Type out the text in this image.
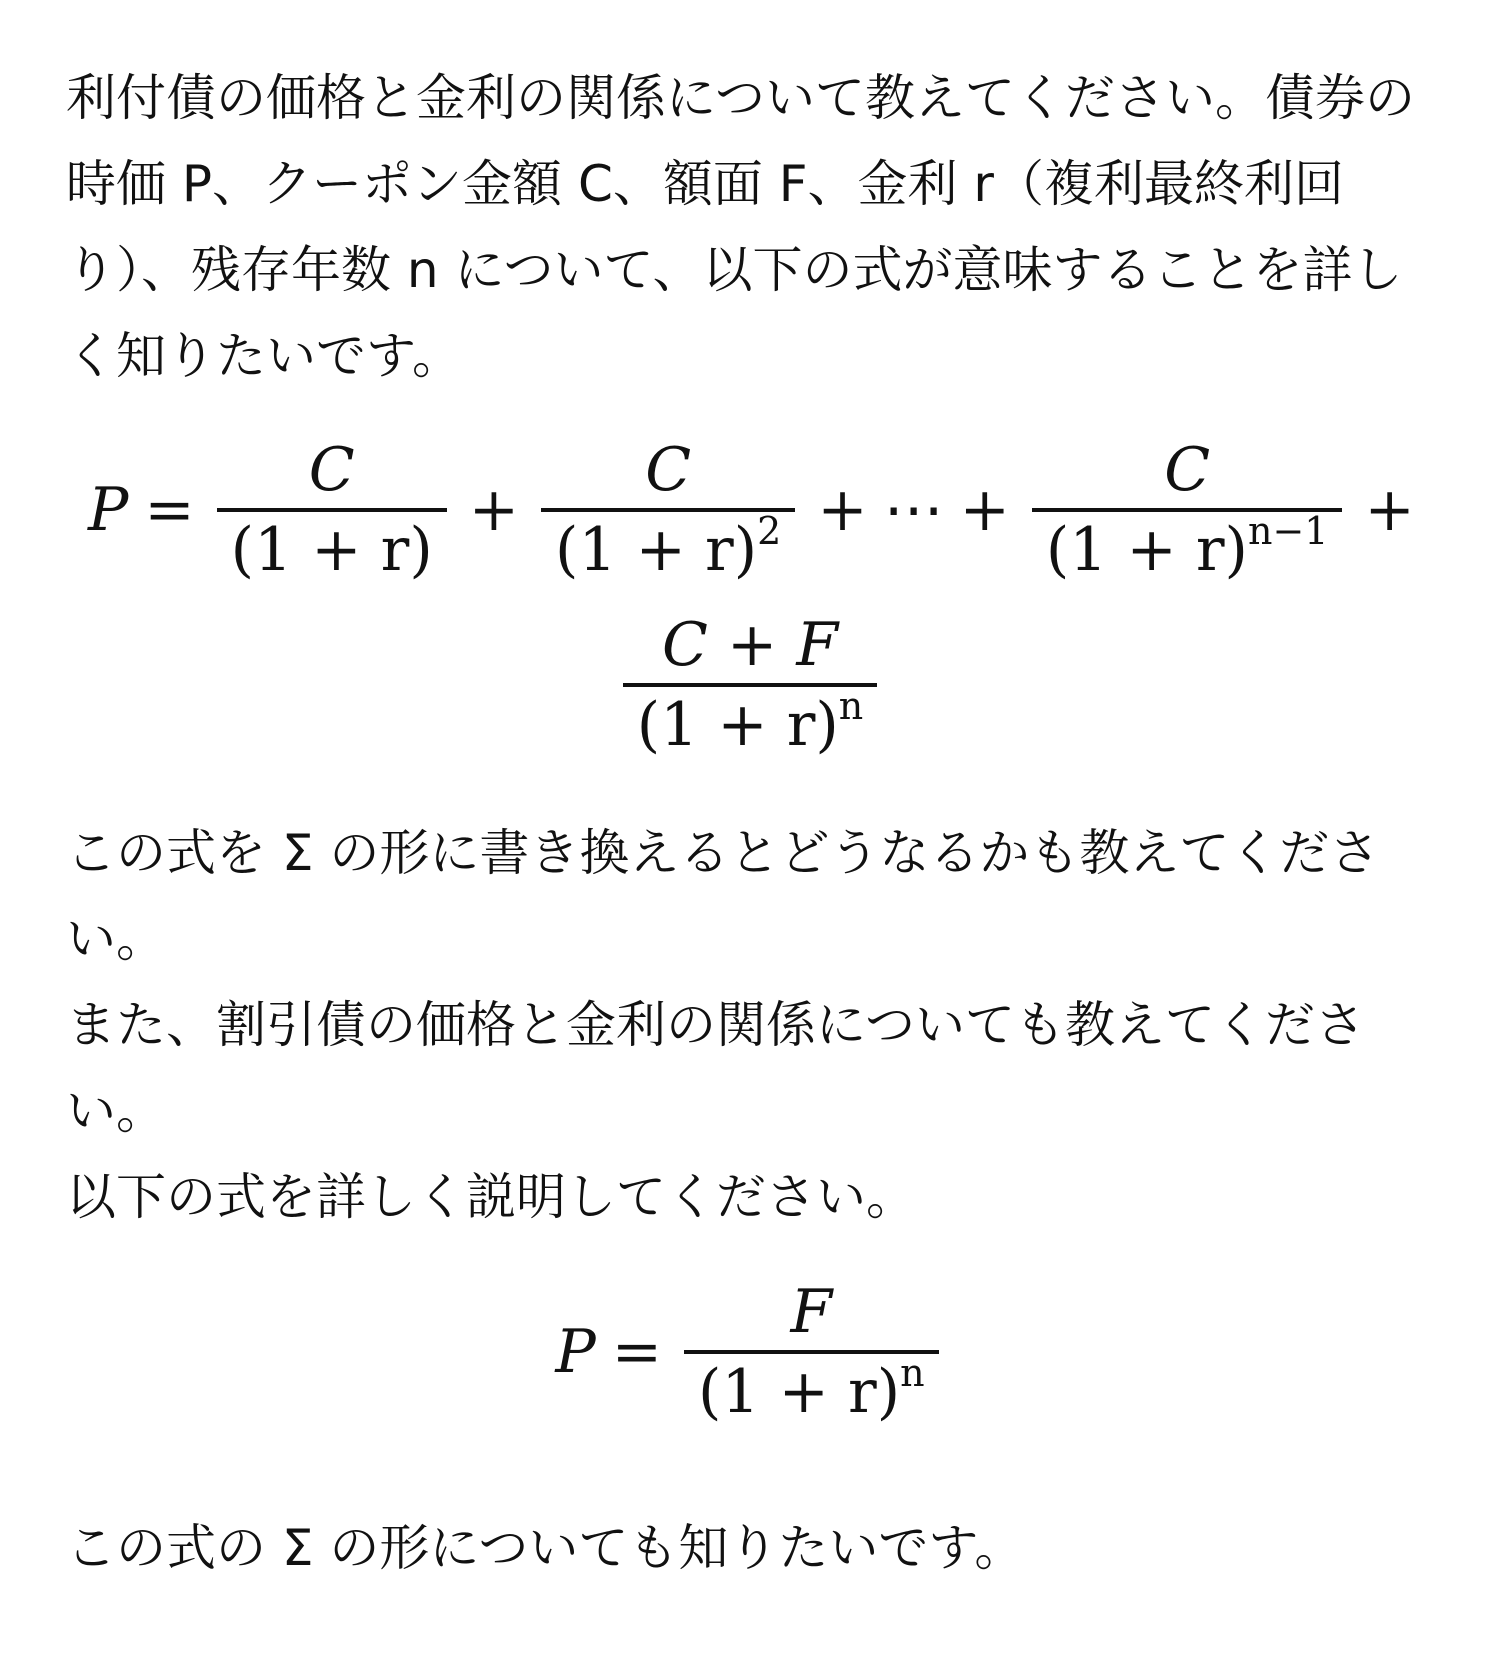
利付債の価格と金利の関係について教えてください。債券の時価 P、クーポン金額 C、額面 F、金利 r（複利最終利回り）、残存年数 n について、以下の式が意味することを詳しく知りたいです。

$P = \frac{C}{(1 + r)} + \frac{C}{(1 + r)^2}$ + ⋯ + $\frac{C}{(1 + r)^{n-1}}$ +
$\frac{C + F}{(1 + r)^n}$

この式を Σ の形に書き換えるとどうなるかも教えてください。

また、割引債の価格と金利の関係についても教えてください。

以下の式を詳しく説明してください。

$P = \frac{F}{(1 + r)^n}$

この式の Σ の形についても知りたいです。
